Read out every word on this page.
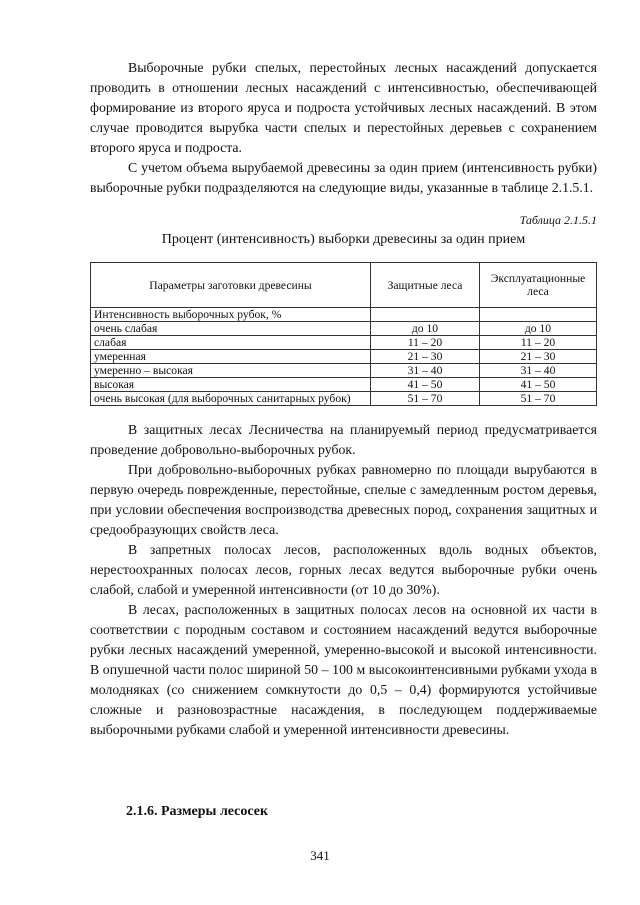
Выборочные рубки спелых, перестойных лесных насаждений допускается проводить в отношении лесных насаждений с интенсивностью, обеспечивающей формирование из второго яруса и подроста устойчивых лесных насаждений. В этом случае проводится вырубка части спелых и перестойных деревьев с сохранением второго яруса и подроста.

С учетом объема вырубаемой древесины за один прием (интенсивность рубки) выборочные рубки подразделяются на следующие виды, указанные в таблице 2.1.5.1.

Таблица 2.1.5.1
Процент (интенсивность) выборки древесины за один прием
Параметры заготовки древесины	Защитные леса	Эксплуатационные леса
Интенсивность выборочных рубок, %		
очень слабая	до 10	до 10
слабая	11 – 20	11 – 20
умеренная	21 – 30	21 – 30
умеренно – высокая	31 – 40	31 – 40
высокая	41 – 50	41 – 50
очень высокая (для выборочных санитарных рубок)	51 – 70	51 – 70

В защитных лесах Лесничества на планируемый период предусматривается проведение добровольно-выборочных рубок.

При добровольно-выборочных рубках равномерно по площади вырубаются в первую очередь поврежденные, перестойные, спелые с замедленным ростом деревья, при условии обеспечения воспроизводства древесных пород, сохранения защитных и средообразующих свойств леса.

В запретных полосах лесов, расположенных вдоль водных объектов, нерестоохранных полосах лесов, горных лесах ведутся выборочные рубки очень слабой, слабой и умеренной интенсивности (от 10 до 30%).

В лесах, расположенных в защитных полосах лесов на основной их части в соответствии с породным составом и состоянием насаждений ведутся выборочные рубки лесных насаждений умеренной, умеренно-высокой и высокой интенсивности. В опушечной части полос шириной 50 – 100 м высокоинтенсивными рубками ухода в молодняках (со снижением сомкнутости до 0,5 – 0,4) формируются устойчивые сложные и разновозрастные насаждения, в последующем поддерживаемые выборочными рубками слабой и умеренной интенсивности древесины.

2.1.6. Размеры лесосек
341
